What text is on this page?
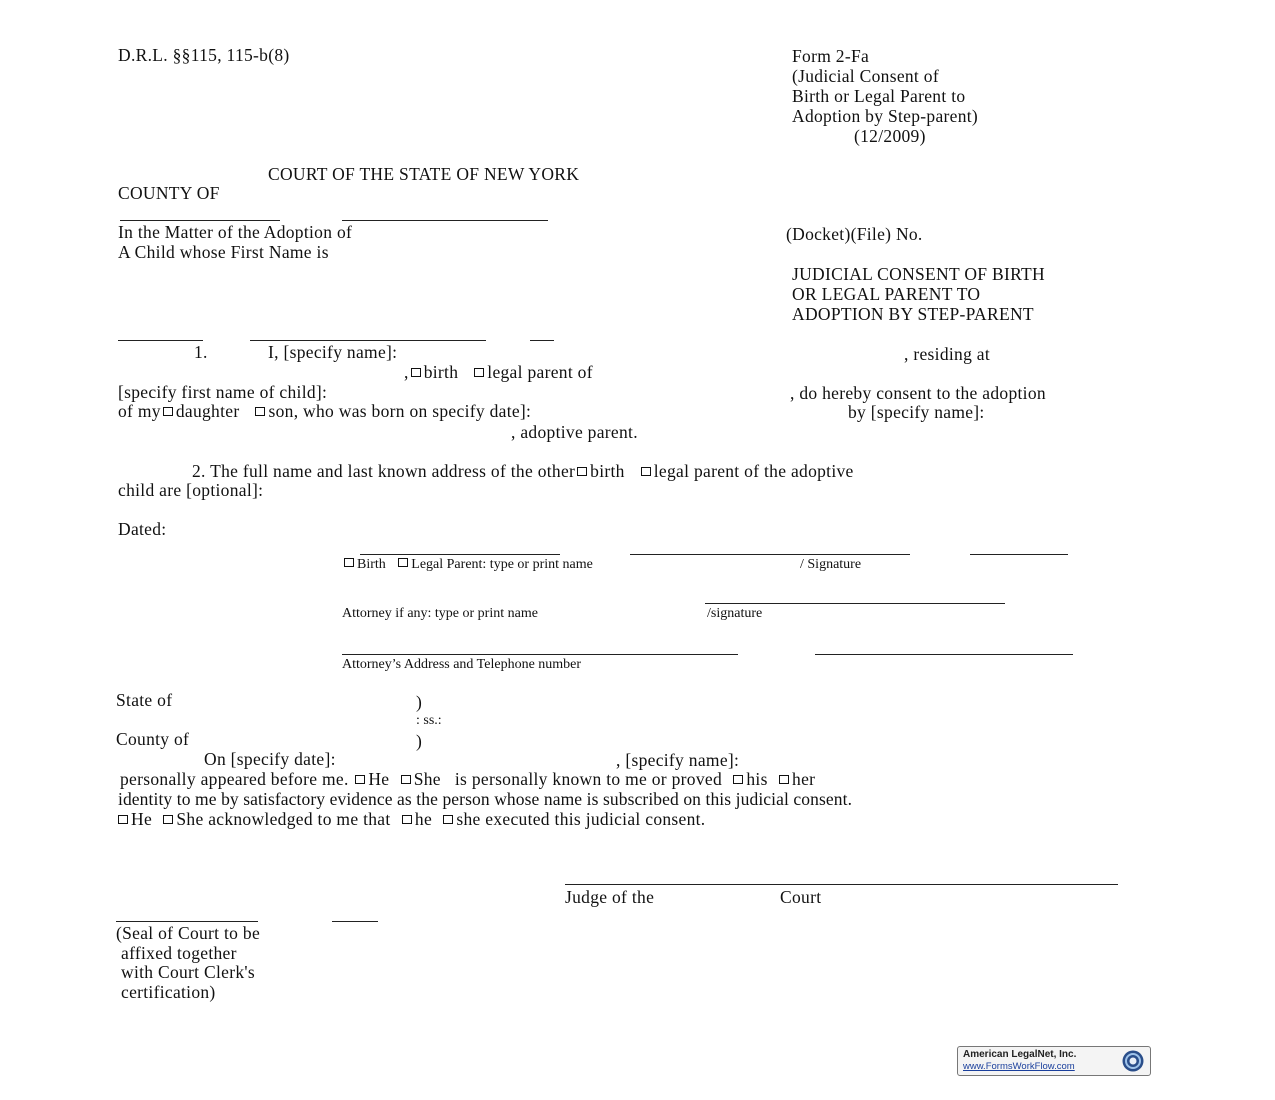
D.R.L. §§115, 115-b(8)	Form 2-Fa
(Judicial Consent of
Birth or Legal Parent to
Adoption by Step-parent)
(12/2009)
COURT OF THE STATE OF NEW YORK
COUNTY OF
In the Matter of the Adoption of
A Child whose First Name is
(Docket)(File) No.
JUDICIAL CONSENT OF BIRTH
OR LEGAL PARENT TO
ADOPTION BY STEP-PARENT
1.	I, [specify name]:	, residing at
, birth legal parent of
[specify first name of child]:	, do hereby consent to the adoption
of my daughter son, who was born on specify date]:	by [specify name]:
, adoptive parent.
2. The full name and last known address of the other birth legal parent of the adoptive
child are [optional]:
Dated:
Birth Legal Parent: type or print name	/ Signature
Attorney if any: type or print name	/signature
Attorney’s Address and Telephone number
State of	)
: ss.:
County of	)
On [specify date]:	, [specify name]:
personally appeared before me. He She is personally known to me or proved his her
identity to me by satisfactory evidence as the person whose name is subscribed on this judicial consent.
He She acknowledged to me that he she executed this judicial consent.
Judge of the	Court
(Seal of Court to be
affixed together
with Court Clerk's
certification)
American LegalNet, Inc.
www.FormsWorkFlow.com
